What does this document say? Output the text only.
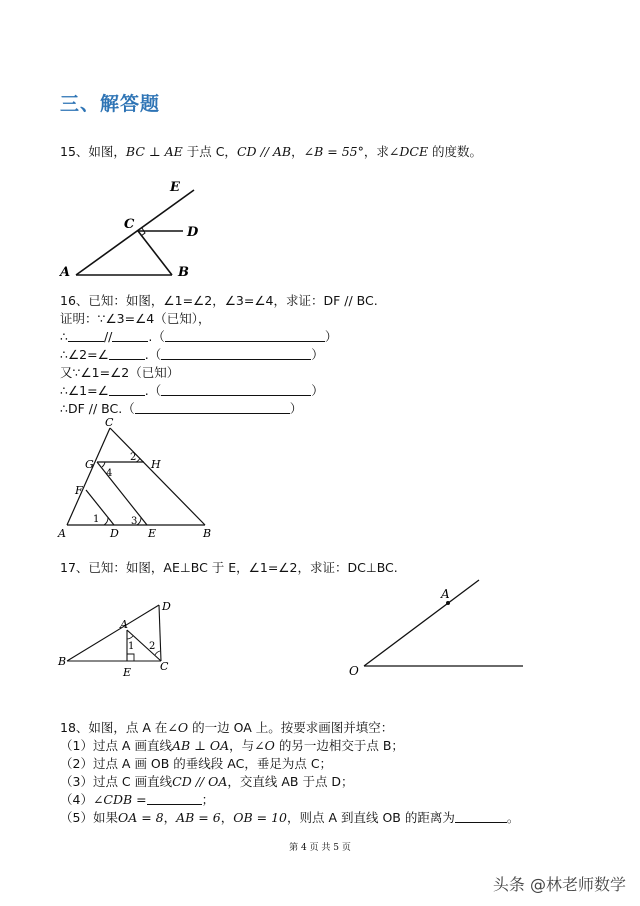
三、解答题
15、如图，BC ⊥ AE 于点 C，CD // AB，∠B = 55°，求∠DCE 的度数。
E
C
D
A	B
16、已知：如图，∠1=∠2，∠3=∠4，求证：DF // BC.
证明：∵∠3=∠4（已知），
∴	//	.（	）
∴∠2=∠	.（	）
又∵∠1=∠2（已知）
∴∠1=∠	.（	）
∴DF // BC.（	）
C
G
2
H
4
F
1	3
A	D	E	B
17、已知：如图，AE⊥BC 于 E，∠1=∠2，求证：DC⊥BC.
D
A
1 2
B
E	C
A
O
18、如图，点 A 在∠O 的一边 OA 上。按要求画图并填空：
（1）过点 A 画直线AB ⊥ OA，与∠O 的另一边相交于点 B；
（2）过点 A 画 OB 的垂线段 AC，垂足为点 C；
（3）过点 C 画直线CD // OA，交直线 AB 于点 D；
（4）∠CDB =	；
（5）如果OA = 8，AB = 6，OB = 10，则点 A 到直线 OB 的距离为	。
第 4 页 共 5 页
头条 @林老师数学
